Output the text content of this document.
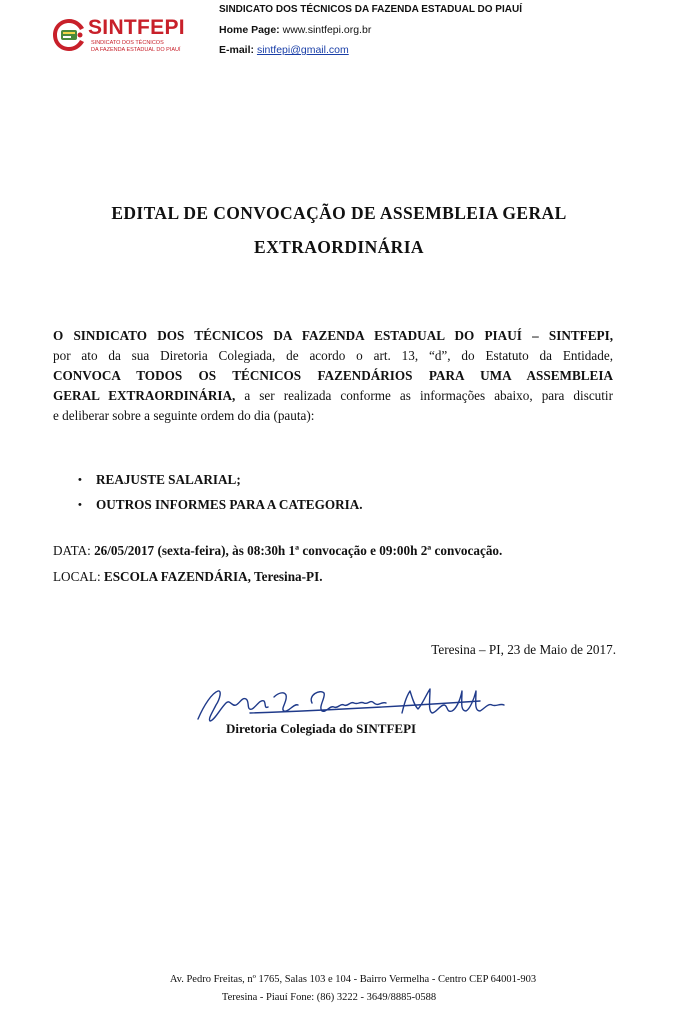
SINTFEPI
SINDICATO DOS TÉCNICOS
DA FAZENDA ESTADUAL DO PIAUÍ
SINDICATO DOS TÉCNICOS DA FAZENDA ESTADUAL DO PIAUÍ
Home Page: www.sintfepi.org.br
E-mail: sintfepi@gmail.com
EDITAL DE CONVOCAÇÃO DE ASSEMBLEIA GERAL
EXTRAORDINÁRIA
O SINDICATO DOS TÉCNICOS DA FAZENDA ESTADUAL DO PIAUÍ – SINTFEPI,
por ato da sua Diretoria Colegiada, de acordo o art. 13, “d”, do Estatuto da Entidade,
CONVOCA TODOS OS TÉCNICOS FAZENDÁRIOS PARA UMA ASSEMBLEIA
GERAL EXTRAORDINÁRIA, a ser realizada conforme as informações abaixo, para discutir
e deliberar sobre a seguinte ordem do dia (pauta):
• REAJUSTE SALARIAL;
• OUTROS INFORMES PARA A CATEGORIA.
DATA: 26/05/2017 (sexta-feira), às 08:30h 1ª convocação e 09:00h 2ª convocação.
LOCAL: ESCOLA FAZENDÁRIA, Teresina-PI.
Teresina – PI, 23 de Maio de 2017.
Diretoria Colegiada do SINTFEPI
Av. Pedro Freitas, nº 1765, Salas 103 e 104 - Bairro Vermelha - Centro CEP 64001-903
Teresina - Piauí Fone: (86) 3222 - 3649/8885-0588
